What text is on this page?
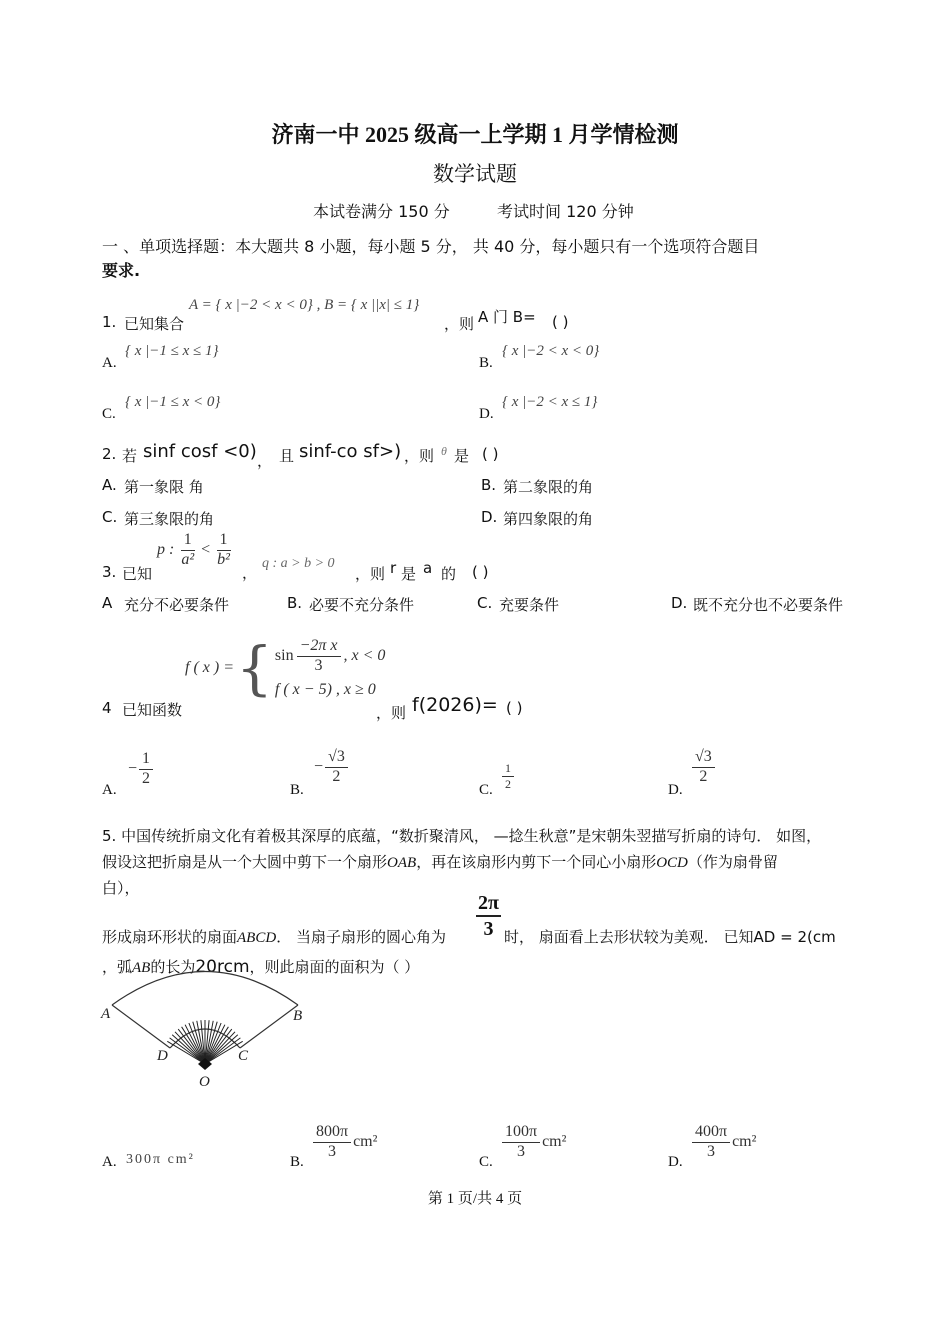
济南一中 2025 级高一上学期 1 月学情检测
数学试题
本试卷满分 150 分	考试时间 120 分钟
一 、单项选择题：本大题共 8 小题，每小题 5 分， 共 40 分，每小题只有一个选项符合题目
要求.
1. 已知集合
A = { x |−2 < x < 0} , B = { x ||x| ≤ 1}
，则 A 门 B= ( )
A.
{ x |−1 ≤ x ≤ 1}
B.
{ x |−2 < x < 0}
C.
{ x |−1 ≤ x < 0}
D.
{ x |−2 < x ≤ 1}
2. 若 sinf cosf <0) ， 且 sinf-co sf>) ，则 θ 是 ( )
A. 第一象限 角	B. 第二象限的角
C. 第三象限的角	D. 第四象限的角
3. 已知
p : $\frac{1}{\text{a²}} < \frac{1}{\text{b²}}$
，
q : a > b > 0
，则 r 是 a 的 ( )
A 充分不必要条件	B. 必要不充分条件	C. 充要条件	D. 既不充分也不必要条件
4 已知函数
f ( x ) = { $\sin \frac{\text{−2π x}}{3}$ , x < 0
f ( x − 5) , x ≥ 0
，则 f(2026)= ( )
A.
− $\frac{1}{2}$
B.
− $\frac{√3}{2}$
C. $\frac{1}{2}$	D.
$\frac{√3}{2}$
5. 中国传统折扇文化有着极其深厚的底蕴，“数折聚清风， —捻生秋意”是宋朝朱翌描写折扇的诗句． 如图，
假设这把折扇是从一个大圆中剪下一个扇形OAB，再在该扇形内剪下一个同心小扇形OCD（作为扇骨留
白），
$\frac{2\pi}{3}$
形成扇环形状的扇面ABCD． 当扇子扇形的圆心角为	时， 扇面看上去形状较为美观． 已知AD = 2(cm
，弧AB的长为20rcm，则此扇面的面积为（ ）
A	B
D	C
O
A. 300π cm²	B.
$\frac{800\pi}{3} cm^2$
C.
$\frac{100\pi}{3} cm^2$
D.
$\frac{400\pi}{3} cm^2$
第 1 页/共 4 页
